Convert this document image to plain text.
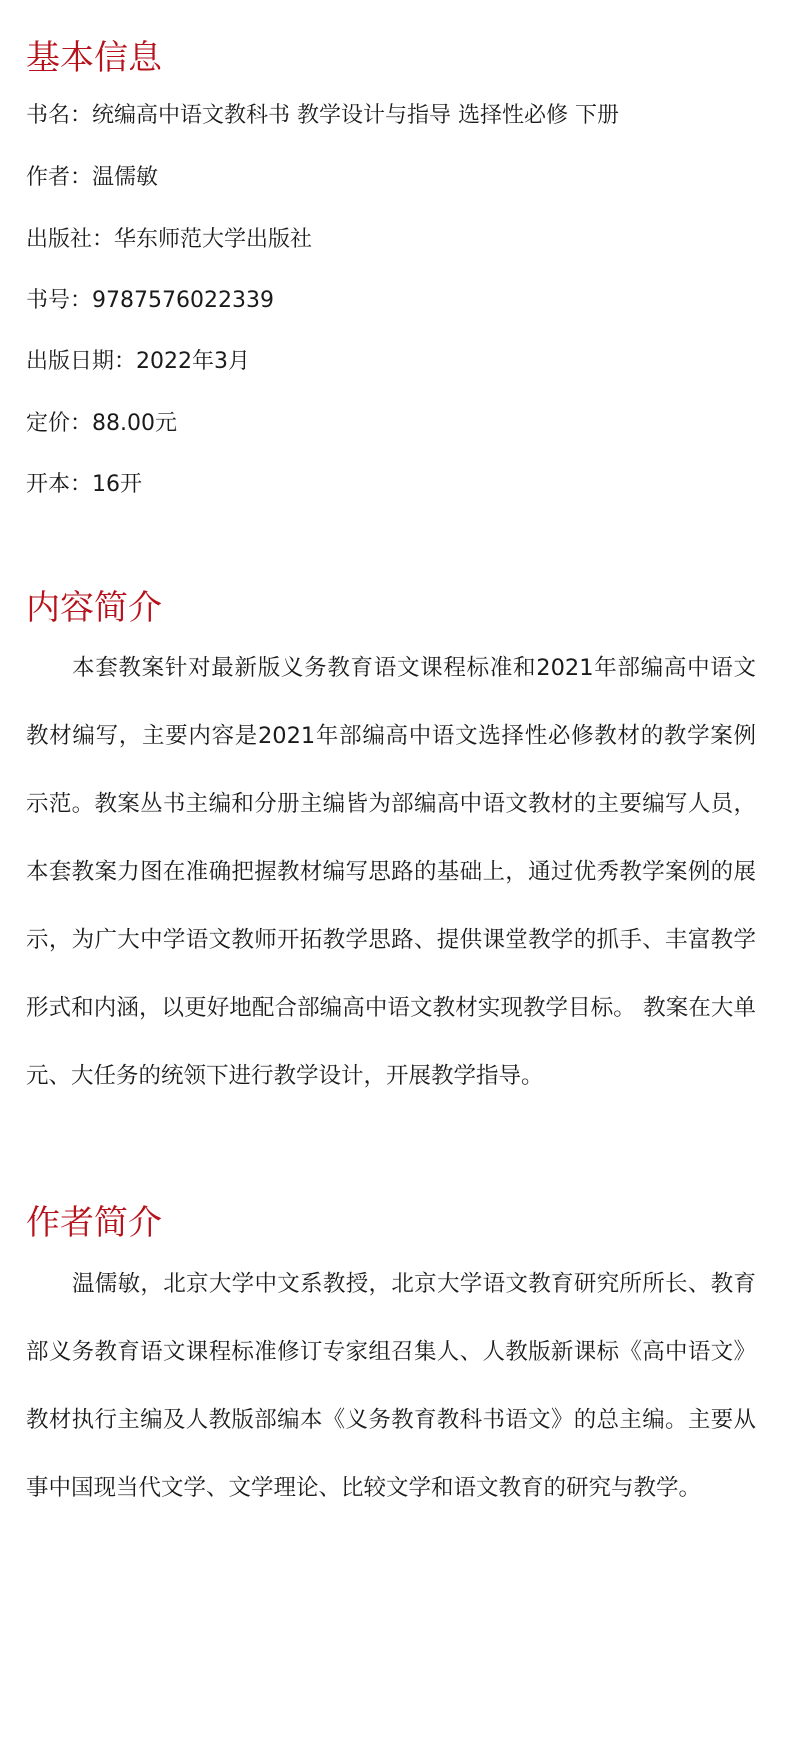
基本信息
书名：统编高中语文教科书 教学设计与指导 选择性必修 下册
作者：温儒敏
出版社：华东师范大学出版社
书号：9787576022339
出版日期：2022年3月
定价：88.00元
开本：16开
内容简介

本套教案针对最新版义务教育语文课程标准和2021年部编高中语文教材编写，主要内容是2021年部编高中语文选择性必修教材的教学案例示范。教案丛书主编和分册主编皆为部编高中语文教材的主要编写人员，本套教案力图在准确把握教材编写思路的基础上，通过优秀教学案例的展示，为广大中学语文教师开拓教学思路、提供课堂教学的抓手、丰富教学形式和内涵，以更好地配合部编高中语文教材实现教学目标。 教案在大单元、大任务的统领下进行教学设计，开展教学指导。

作者简介

温儒敏，北京大学中文系教授，北京大学语文教育研究所所长、教育部义务教育语文课程标准修订专家组召集人、人教版新课标《高中语文》教材执行主编及人教版部编本《义务教育教科书语文》的总主编。主要从事中国现当代文学、文学理论、比较文学和语文教育的研究与教学。
